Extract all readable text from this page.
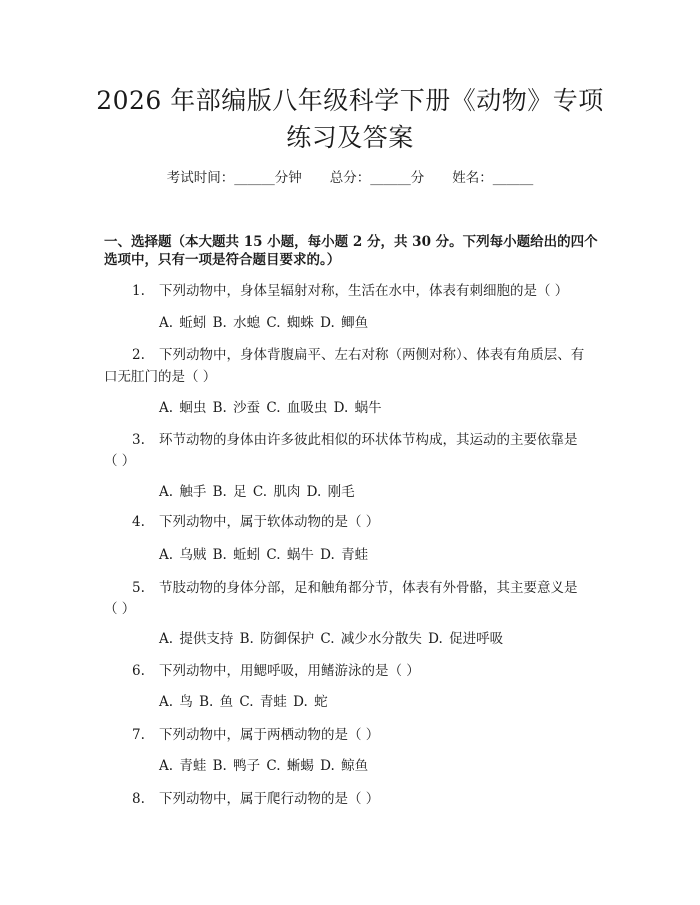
2026 年部编版八年级科学下册《动物》专项
练习及答案
考试时间：______分钟 总分：______分 姓名：______
一、选择题（本大题共 15 小题，每小题 2 分，共 30 分。下列每小题给出的四个
选项中，只有一项是符合题目要求的。）
1. 下列动物中，身体呈辐射对称，生活在水中，体表有刺细胞的是（ ）
A. 蚯蚓 B. 水螅 C. 蜘蛛 D. 鲫鱼
2. 下列动物中，身体背腹扁平、左右对称（两侧对称）、体表有角质层、有
口无肛门的是（ ）
A. 蛔虫 B. 沙蚕 C. 血吸虫 D. 蜗牛
3. 环节动物的身体由许多彼此相似的环状体节构成，其运动的主要依靠是
（ ）
A. 触手 B. 足 C. 肌肉 D. 刚毛
4. 下列动物中，属于软体动物的是（ ）
A. 乌贼 B. 蚯蚓 C. 蜗牛 D. 青蛙
5. 节肢动物的身体分部，足和触角都分节，体表有外骨骼，其主要意义是
（ ）
A. 提供支持 B. 防御保护 C. 减少水分散失 D. 促进呼吸
6. 下列动物中，用鳃呼吸，用鳍游泳的是（ ）
A. 鸟 B. 鱼 C. 青蛙 D. 蛇
7. 下列动物中，属于两栖动物的是（ ）
A. 青蛙 B. 鸭子 C. 蜥蜴 D. 鲸鱼
8. 下列动物中，属于爬行动物的是（ ）
